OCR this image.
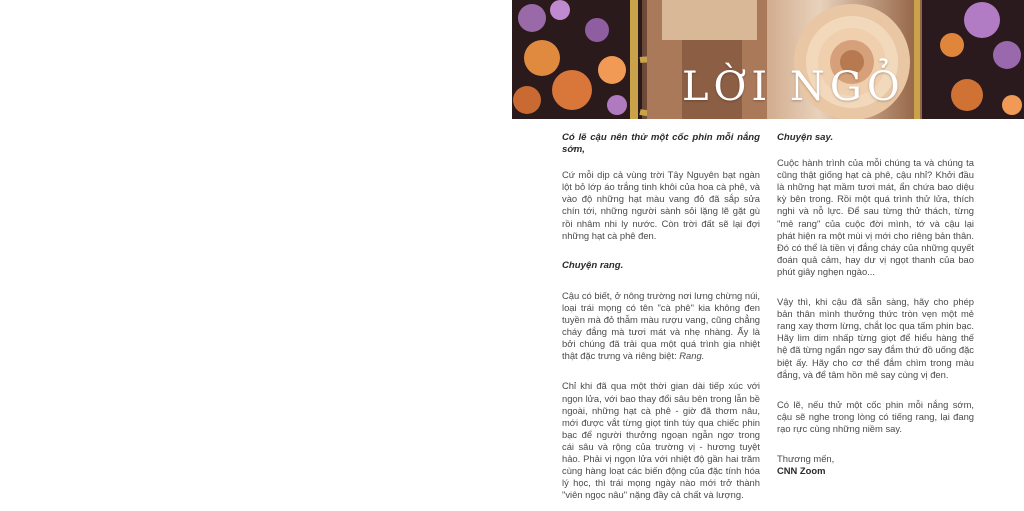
LỜI NGỎ

Có lẽ cậu nên thử một cốc phin mỗi nắng sớm,

Cứ mỗi dịp cả vùng trời Tây Nguyên bạt ngàn lột bỏ lớp áo trắng tinh khôi của hoa cà phê, và vào độ những hạt màu vang đỏ đã sắp sửa chín tới, những người sành sỏi lặng lẽ gặt gù rồi nhâm nhi ly nước. Còn trời đất sẽ lại đợi những hạt cà phê đen.

Chuyện rang.

Cậu có biết, ở nông trường nơi lưng chừng núi, loại trái mọng có tên "cà phê" kia không đen tuyền mà đỏ thẫm màu rượu vang, cũng chẳng cháy đắng mà tươi mát và nhẹ nhàng. Ấy là bởi chúng đã trải qua một quá trình gia nhiệt thật đặc trưng và riêng biệt: Rang.

Chỉ khi đã qua một thời gian dài tiếp xúc với ngọn lửa, với bao thay đổi sâu bên trong lẫn bề ngoài, những hạt cà phê - giờ đã thơm nâu, mới được vắt từng giọt tinh túy qua chiếc phin bạc để người thưởng ngoạn ngẫn ngơ trong cái sâu và rộng của trường vị - hương tuyệt hảo. Phải vị ngọn lửa với nhiệt độ gần hai trăm cùng hàng loạt các biến động của đặc tính hóa lý học, thì trái mọng ngày nào mới trở thành "viên ngọc nâu" nặng đầy cả chất và lượng.

Chuyện say.

Cuộc hành trình của mỗi chúng ta và chúng ta cũng thật giống hạt cà phê, cậu nhỉ? Khởi đầu là những hạt mầm tươi mát, ẩn chứa bao diệu kỳ bên trong. Rồi một quá trình thử lửa, thích nghi và nỗ lực. Để sau từng thử thách, từng "mẻ rang" của cuộc đời mình, tớ và cậu lại phát hiện ra một mùi vị mới cho riêng bản thân. Đó có thể là tiền vị đắng cháy của những quyết đoán quả cảm, hay dư vị ngọt thanh của bao phút giây nghẹn ngào...

Vậy thì, khi cậu đã sẵn sàng, hãy cho phép bản thân mình thưởng thức tròn vẹn một mẻ rang xay thơm lừng, chắt lọc qua tấm phin bạc. Hãy lim dim nhấp từng giọt để hiểu hàng thế hệ đã từng ngẩn ngơ say đắm thứ đồ uống đặc biệt ấy. Hãy cho cơ thể đắm chìm trong màu đắng, và để tâm hồn mê say cùng vị đen.

Có lẽ, nếu thử một cốc phin mỗi nắng sớm, cậu sẽ nghe trong lòng có tiếng rang, lại đang rạo rực cùng những niềm say.

Thương mến,

CNN Zoom
